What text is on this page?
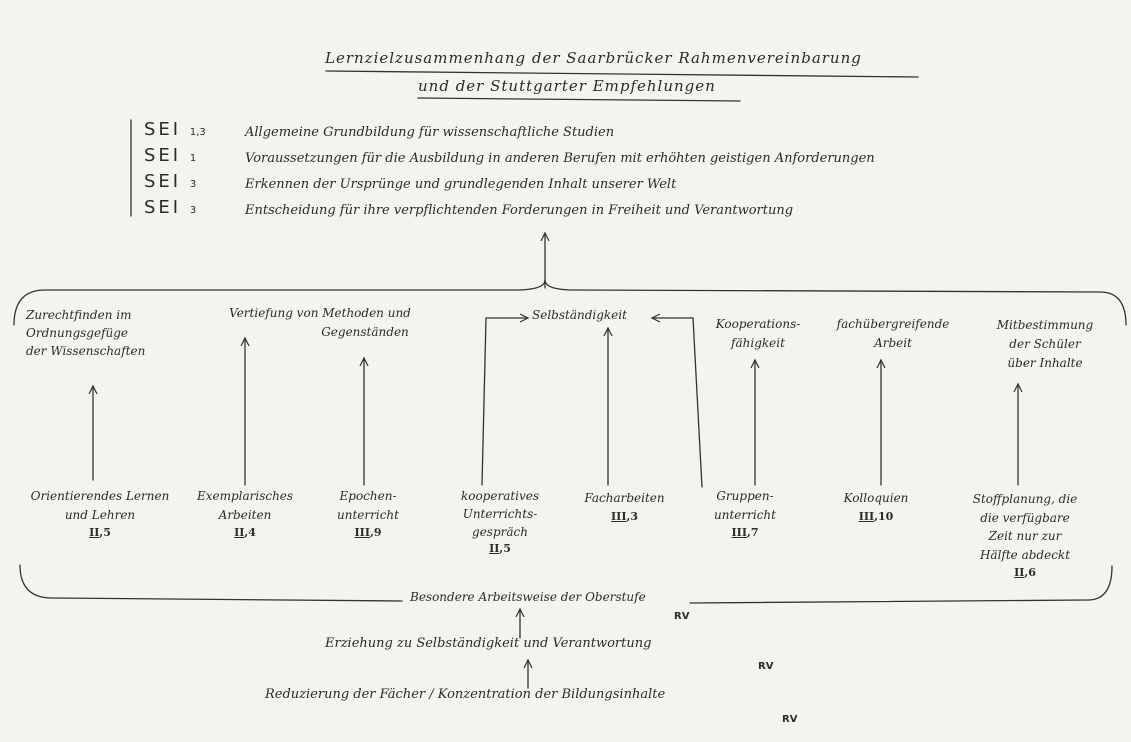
Lernzielzusammenhang der Saarbrücker Rahmenvereinbarung
und der Stuttgarter Empfehlungen
SEI 1,3	Allgemeine Grundbildung für wissenschaftliche Studien
SEI 1	Voraussetzungen für die Ausbildung in anderen Berufen mit erhöhten geistigen Anforderungen
SEI 3	Erkennen der Ursprünge und grundlegenden Inhalt unserer Welt
SEI 3	Entscheidung für ihre verpflichtenden Forderungen in Freiheit und Verantwortung
Zurechtfinden im
Ordnungsgefüge
der Wissenschaften
Vertiefung von Methoden und
Gegenständen
Selbständigkeit
Kooperations-
fähigkeit
fachübergreifende
Arbeit
Mitbestimmung
der Schüler
über Inhalte
Orientierendes Lernen
und Lehren
II,5
Exemplarisches
Arbeiten
II,4
Epochen-
unterricht
III,9
kooperatives
Unterrichts-
gespräch
II,5
Facharbeiten
III,3
Gruppen-
unterricht
III,7
Kolloquien
III,10
Stoffplanung, die
die verfügbare
Zeit nur zur
Hälfte abdeckt
II,6
Besondere Arbeitsweise der Oberstufe
RV
Erziehung zu Selbständigkeit und Verantwortung
RV
Reduzierung der Fächer / Konzentration der Bildungsinhalte
RV
